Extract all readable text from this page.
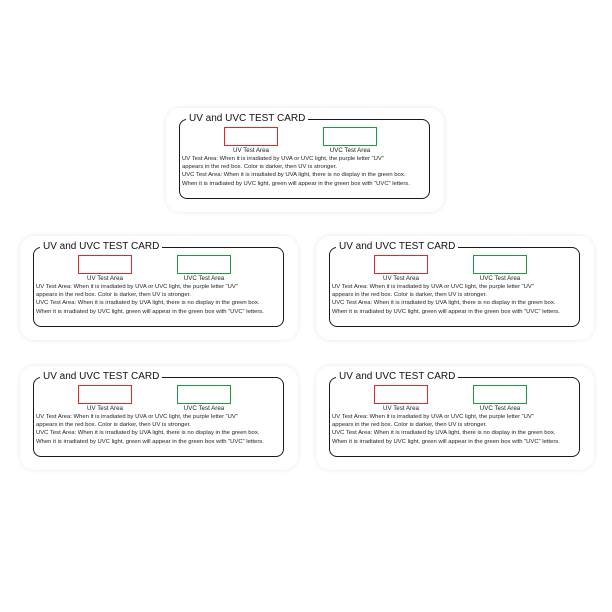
UV and UVC TEST CARD
UV Test Area	UVC Test Area
UV Test Area: When it is irradiated by UVA or UVC light, the purple letter “UV”
appears in the red box. Color is darker, then UV is stronger.
UVC Test Area: When it is irradiated by UVA light, there is no display in the green box.
When it is irradiated by UVC light, green will appear in the green box with “UVC” letters.
UV and UVC TEST CARD
UV Test Area	UVC Test Area
UV Test Area: When it is irradiated by UVA or UVC light, the purple letter “UV”
appears in the red box. Color is darker, then UV is stronger.
UVC Test Area: When it is irradiated by UVA light, there is no display in the green box.
When it is irradiated by UVC light, green will appear in the green box with “UVC” letters.
UV and UVC TEST CARD
UV Test Area	UVC Test Area
UV Test Area: When it is irradiated by UVA or UVC light, the purple letter “UV”
appears in the red box. Color is darker, then UV is stronger.
UVC Test Area: When it is irradiated by UVA light, there is no display in the green box.
When it is irradiated by UVC light, green will appear in the green box with “UVC” letters.
UV and UVC TEST CARD
UV Test Area	UVC Test Area
UV Test Area: When it is irradiated by UVA or UVC light, the purple letter “UV”
appears in the red box. Color is darker, then UV is stronger.
UVC Test Area: When it is irradiated by UVA light, there is no display in the green box.
When it is irradiated by UVC light, green will appear in the green box with “UVC” letters.
UV and UVC TEST CARD
UV Test Area	UVC Test Area
UV Test Area: When it is irradiated by UVA or UVC light, the purple letter “UV”
appears in the red box. Color is darker, then UV is stronger.
UVC Test Area: When it is irradiated by UVA light, there is no display in the green box.
When it is irradiated by UVC light, green will appear in the green box with “UVC” letters.
